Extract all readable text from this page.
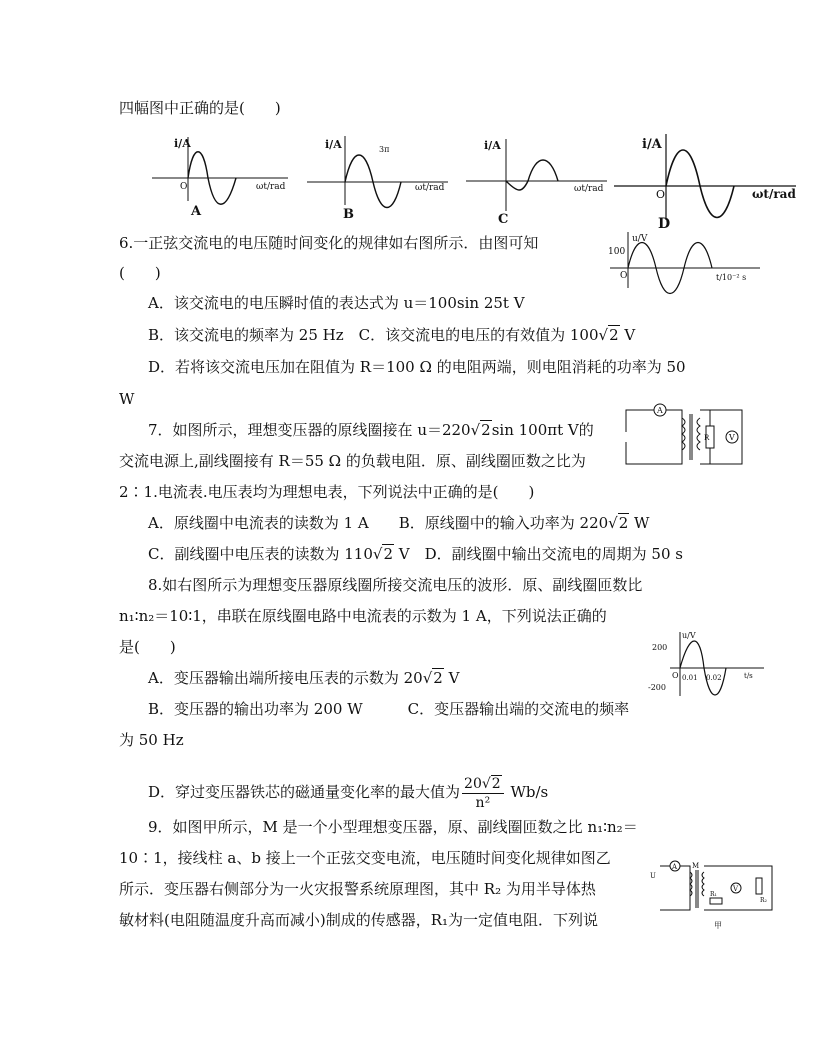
四幅图中正确的是(　　)
i/A
O	ωt/rad
A
i/A	3π
ωt/rad
B
i/A
ωt/rad
C
i/A
O	ωt/rad
D
6.一正弦交流电的电压随时间变化的规律如右图所示．由图可知
(　　)
A．该交流电的电压瞬时值的表达式为 u＝100sin 25t V
B．该交流电的频率为 25 Hz　C．该交流电的电压的有效值为 100√2 V
D．若将该交流电压加在阻值为 R＝100 Ω 的电阻两端，则电阻消耗的功率为 50
W
u/V
100
O	t/10⁻² s
7．如图所示，理想变压器的原线圈接在 u＝220√2sin 100πt V的
交流电源上,副线圈接有 R＝55 Ω 的负载电阻．原、副线圈匝数之比为
2∶1.电流表.电压表均为理想电表，下列说法中正确的是(　　)
A．原线圈中电流表的读数为 1 A　　B．原线圈中的输入功率为 220√2 W
C．副线圈中电压表的读数为 110√2 V　D．副线圈中输出交流电的周期为 50 s
A
R V
8.如右图所示为理想变压器原线圈所接交流电压的波形．原、副线圈匝数比
n₁∶n₂＝10∶1，串联在原线圈电路中电流表的示数为 1 A，下列说法正确的
是(　　)
A．变压器输出端所接电压表的示数为 20√2 V
B．变压器的输出功率为 200 W　　　C．变压器输出端的交流电的频率
为 50 Hz
D．穿过变压器铁芯的磁通量变化率的最大值为 $\frac{20√2}{\text{n²}} Wb/s$
u/V
200
-200
O 0.01 0.02	t/s
9．如图甲所示，M 是一个小型理想变压器，原、副线圈匝数之比 n₁∶n₂＝
10∶1，接线柱 a、b 接上一个正弦交变电流，电压随时间变化规律如图乙
所示．变压器右侧部分为一火灾报警系统原理图，其中 R₂ 为用半导体热
敏材料(电阻随温度升高而减小)制成的传感器，R₁为一定值电阻．下列说
U
A M
R₁
V
R₂
甲
